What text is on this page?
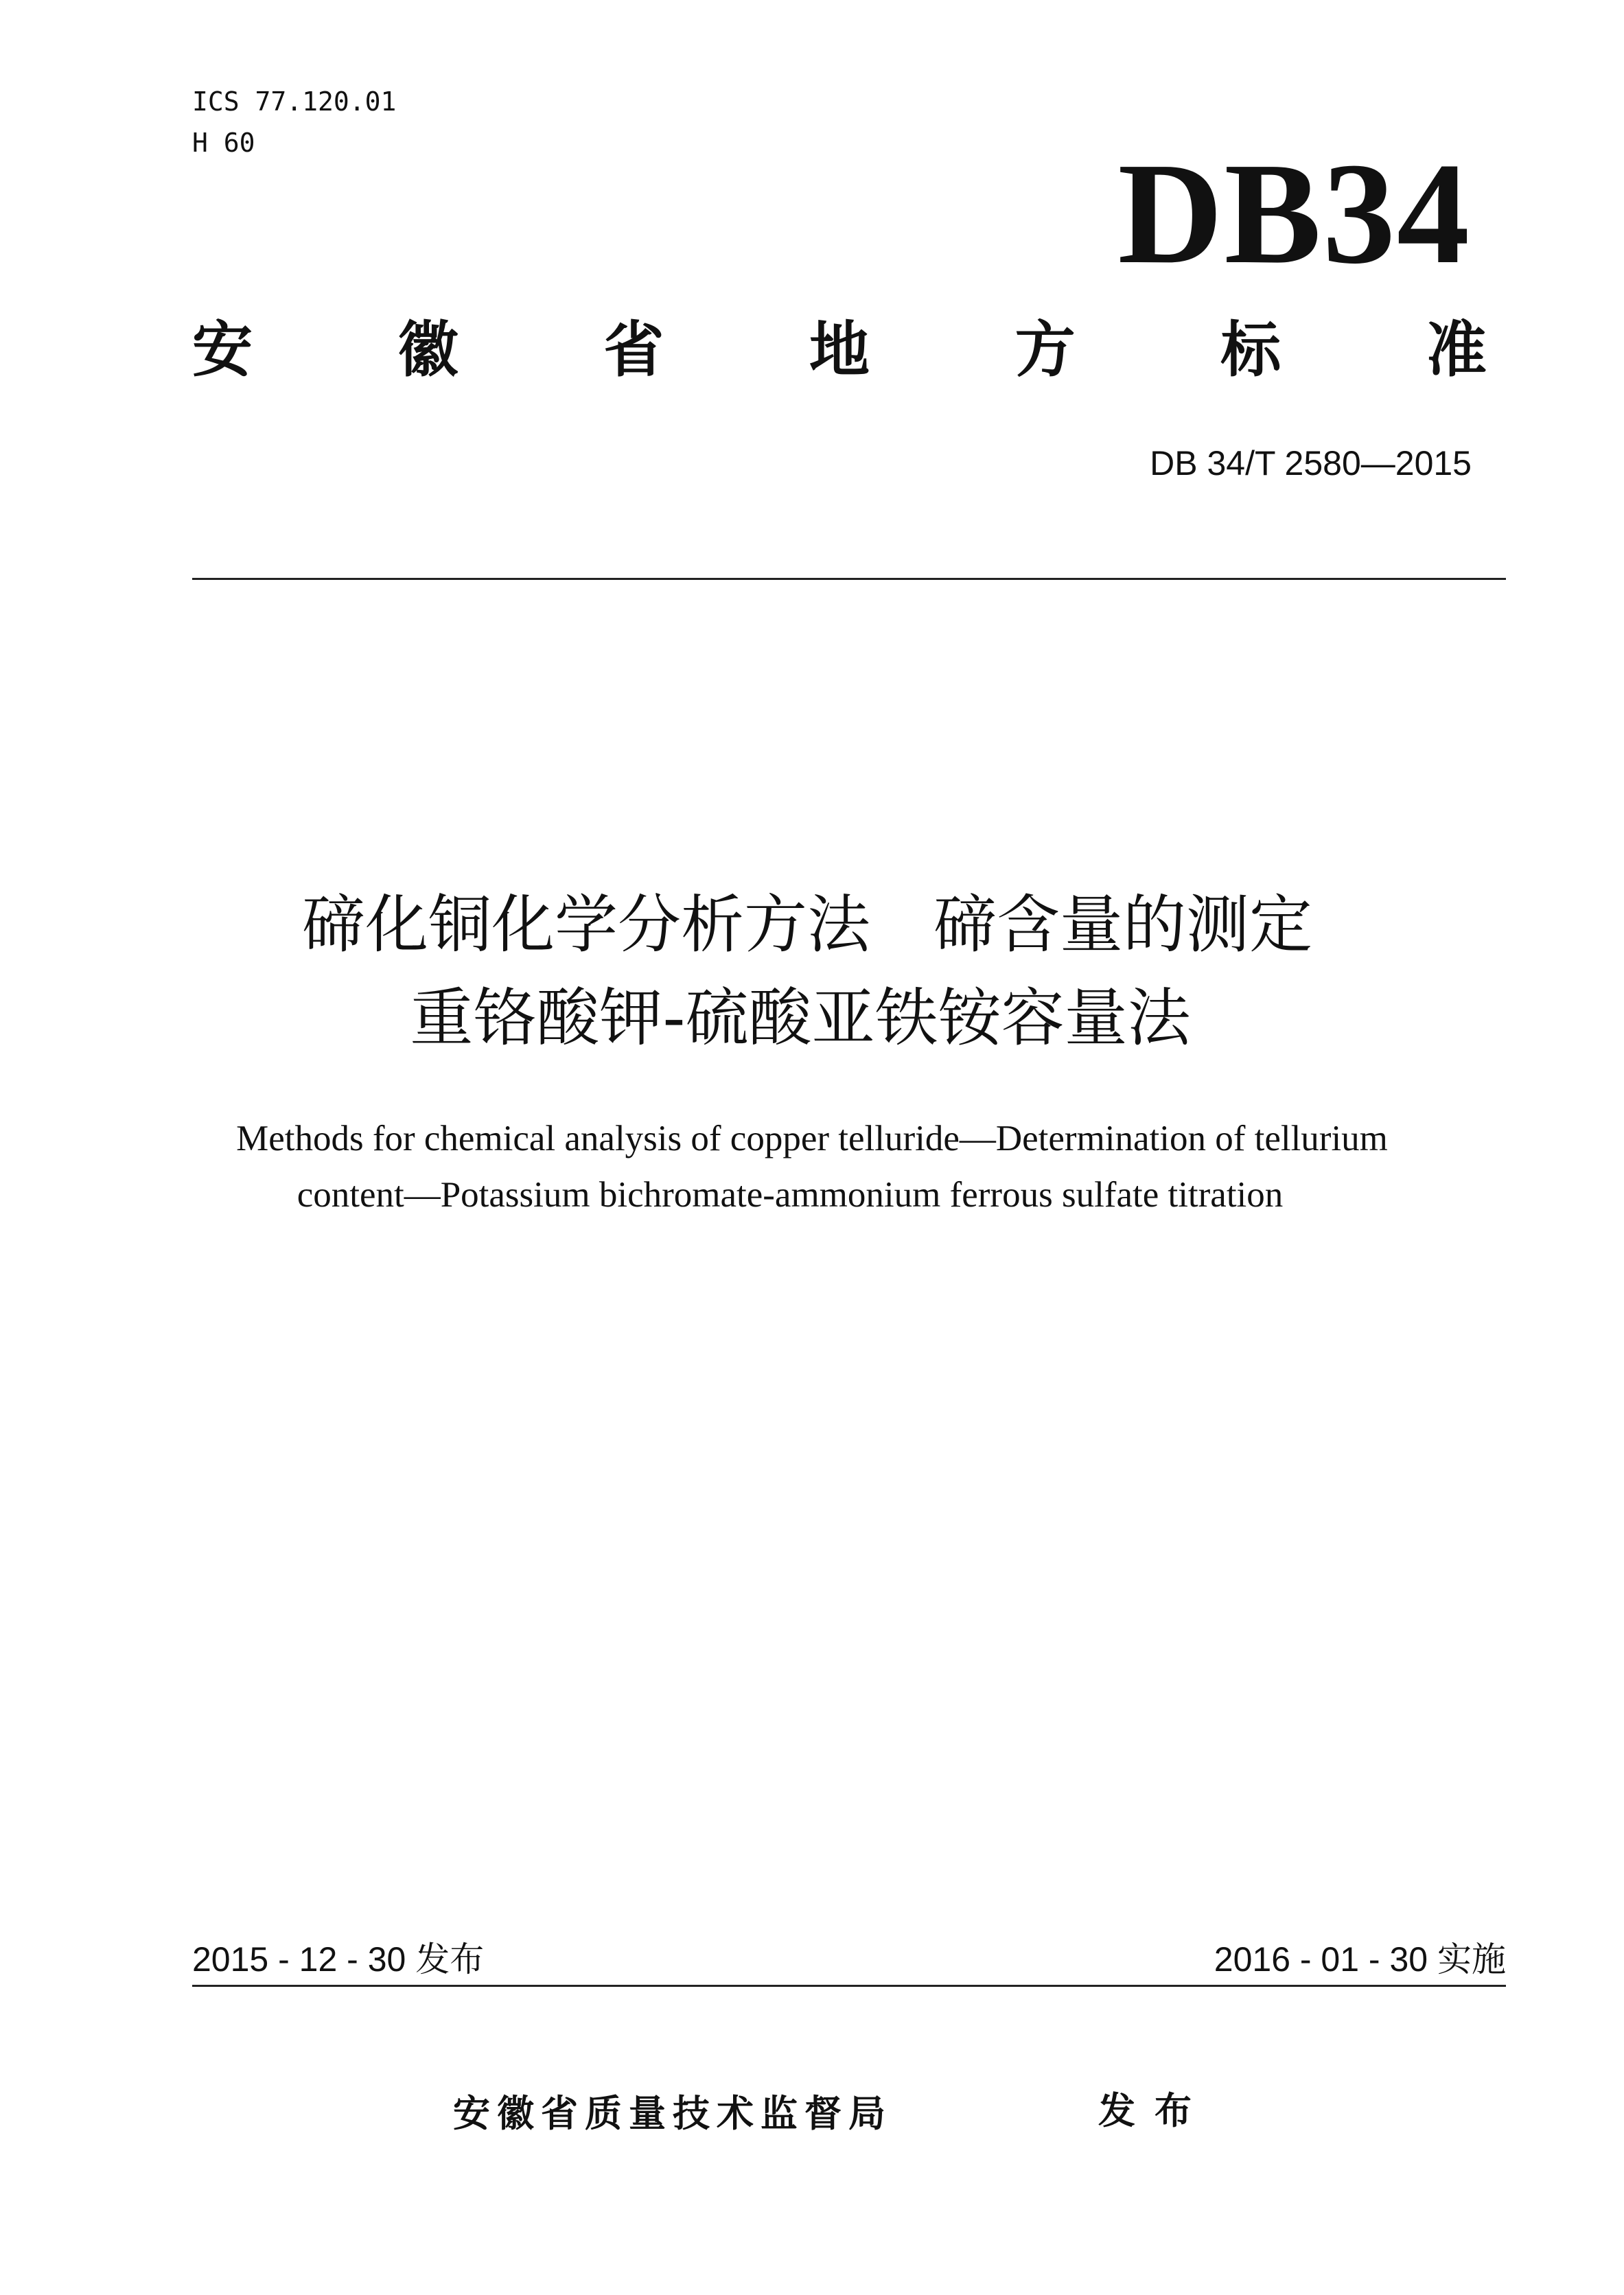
ICS 77.120.01
H 60	DB34
安 徽 省 地 方 标 准
DB 34/T 2580—2015
碲化铜化学分析方法　碲含量的测定
重铬酸钾-硫酸亚铁铵容量法
Methods for chemical analysis of copper telluride—Determination of tellurium
content—Potassium bichromate-ammonium ferrous sulfate titration
2015 - 12 - 30 发布	2016 - 01 - 30 实施
安徽省质量技术监督局	发布
